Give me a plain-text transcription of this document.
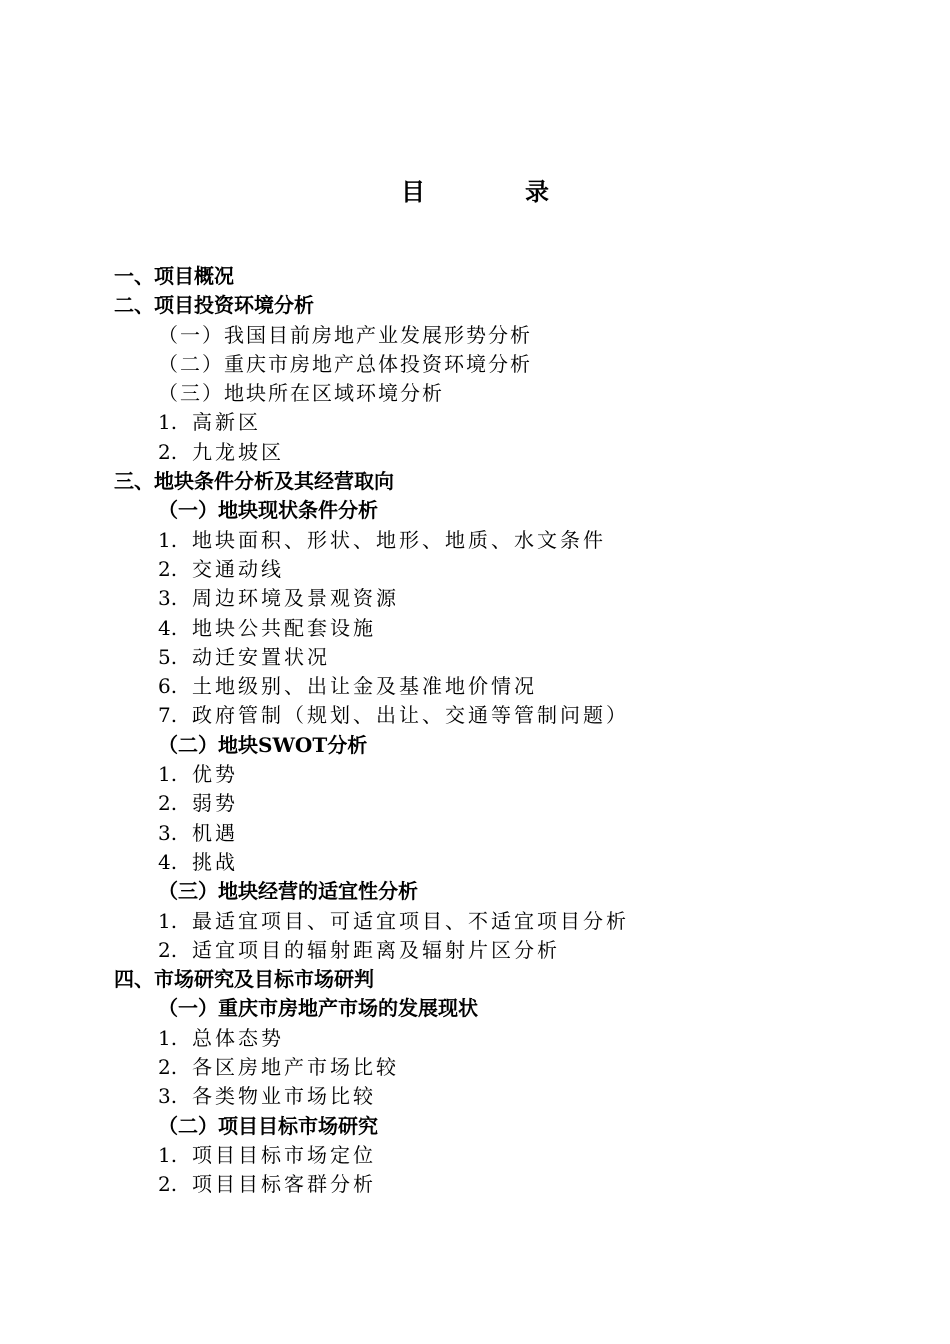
目　录
一、项目概况
二、项目投资环境分析
（一）我国目前房地产业发展形势分析
（二）重庆市房地产总体投资环境分析
（三）地块所在区域环境分析
1. 高新区
2. 九龙坡区
三、地块条件分析及其经营取向
（一）地块现状条件分析
1. 地块面积、形状、地形、地质、水文条件
2. 交通动线
3. 周边环境及景观资源
4. 地块公共配套设施
5. 动迁安置状况
6. 土地级别、出让金及基准地价情况
7. 政府管制（规划、出让、交通等管制问题）
（二）地块SWOT分析
1. 优势
2. 弱势
3. 机遇
4. 挑战
（三）地块经营的适宜性分析
1. 最适宜项目、可适宜项目、不适宜项目分析
2. 适宜项目的辐射距离及辐射片区分析
四、市场研究及目标市场研判
（一）重庆市房地产市场的发展现状
1. 总体态势
2. 各区房地产市场比较
3. 各类物业市场比较
（二）项目目标市场研究
1. 项目目标市场定位
2. 项目目标客群分析
